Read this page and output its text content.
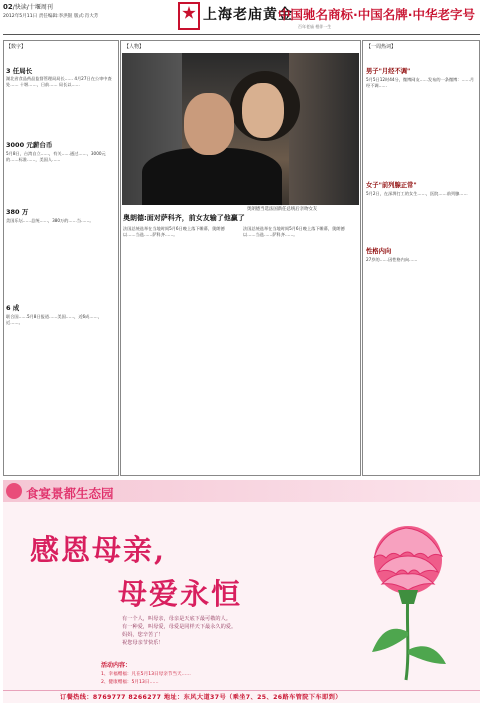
02/快读/十堰周刊
2012年5月11日 责任编辑:李洪银 版式:肖大芳	上海老庙黄金
中国驰名商标·中国名牌·中华老字号
百年老庙 相伴一生
【数字】
3 任局长
湖北省食品药品监督管理局局长…… 4月27日在公审中查处…… 十堰……，日前…… 局长以……
3000 元薪台币
5月8日，台湾自立……，有关……通过……，3000元的……标准……，美国人……
380 万
美国乐坛……总统……，380万的……当……。
6 成
联合国……5月8日报道……美国……，近6成……，近……。
【人物】
奥朗德当选法国新任总统后亲吻女友
奥朗德:面对萨科齐，前女友输了他赢了
法国总统选举在当地时间5月6日晚上落下帷幕，奥朗德以……当选……萨科齐……。
法国总统选举在当地时间5月6日晚上落下帷幕，奥朗德以……当选……萨科齐……。
【一周热词】
男子"月经不调"
5月5日12时44分，微博网友……发布的一条微博：……月经不调……
女子"前列腺正常"
5月2日，在深圳打工的女生……，医院……前列腺……
性格内向
27岁的……因性格内向……
食宴景都生态园
感恩母亲,
母爱永恒
有一个人，叫母亲，母亲是天底下最可敬的人。
有一种爱，叫母爱，母爱是同样天下最永久的爱。
妈妈，您辛苦了！
祝您母亲节快乐！
活动内容：
1、幸福赠福：凡在5月13日母亲节当天……
2、健康赠福：5月13日……
订餐热线：8769777 8266277 地址：东风大道37号（乘坐7、25、26路车管院下车即到）
